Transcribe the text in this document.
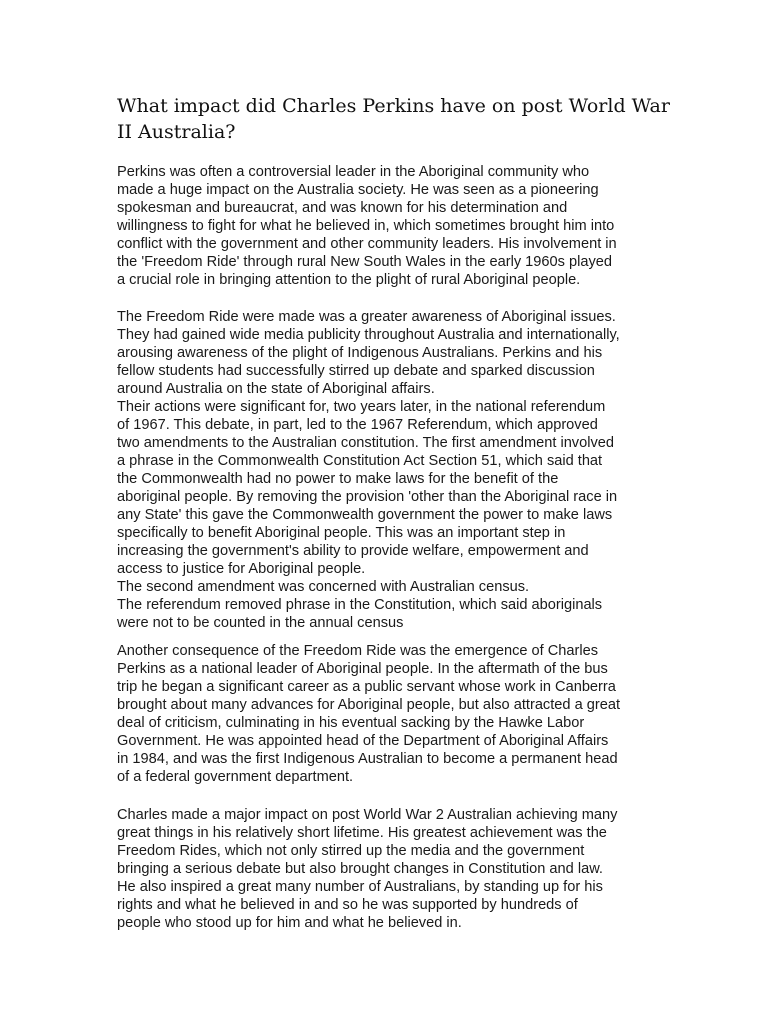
What impact did Charles Perkins have on post World War II Australia?

Perkins was often a controversial leader in the Aboriginal community who
made a huge impact on the Australia society. He was seen as a pioneering
spokesman and bureaucrat, and was known for his determination and
willingness to fight for what he believed in, which sometimes brought him into
conflict with the government and other community leaders. His involvement in
the 'Freedom Ride' through rural New South Wales in the early 1960s played
a crucial role in bringing attention to the plight of rural Aboriginal people.

The Freedom Ride were made was a greater awareness of Aboriginal issues.
They had gained wide media publicity throughout Australia and internationally,
arousing awareness of the plight of Indigenous Australians. Perkins and his
fellow students had successfully stirred up debate and sparked discussion
around Australia on the state of Aboriginal affairs.
Their actions were significant for, two years later, in the national referendum
of 1967. This debate, in part, led to the 1967 Referendum, which approved
two amendments to the Australian constitution. The first amendment involved
a phrase in the Commonwealth Constitution Act Section 51, which said that
the Commonwealth had no power to make laws for the benefit of the
aboriginal people. By removing the provision 'other than the Aboriginal race in
any State' this gave the Commonwealth government the power to make laws
specifically to benefit Aboriginal people. This was an important step in
increasing the government's ability to provide welfare, empowerment and
access to justice for Aboriginal people.
The second amendment was concerned with Australian census.
The referendum removed phrase in the Constitution, which said aboriginals
were not to be counted in the annual census

Another consequence of the Freedom Ride was the emergence of Charles
Perkins as a national leader of Aboriginal people. In the aftermath of the bus
trip he began a significant career as a public servant whose work in Canberra
brought about many advances for Aboriginal people, but also attracted a great
deal of criticism, culminating in his eventual sacking by the Hawke Labor
Government. He was appointed head of the Department of Aboriginal Affairs
in 1984, and was the first Indigenous Australian to become a permanent head
of a federal government department.

Charles made a major impact on post World War 2 Australian achieving many
great things in his relatively short lifetime. His greatest achievement was the
Freedom Rides, which not only stirred up the media and the government
bringing a serious debate but also brought changes in Constitution and law.
He also inspired a great many number of Australians, by standing up for his
rights and what he believed in and so he was supported by hundreds of
people who stood up for him and what he believed in.
